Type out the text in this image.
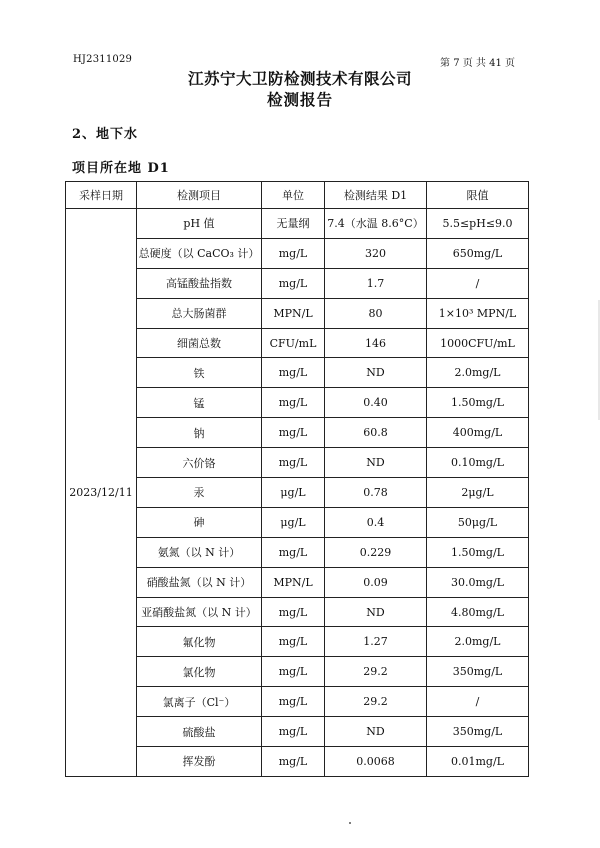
HJ2311029	第 7 页 共 41 页
江苏宁大卫防检测技术有限公司
检测报告
2、地下水
项目所在地 D1
采样日期	检测项目	单位	检测结果 D1	限值
2023/12/11	pH 值	无量纲	7.4（水温 8.6°C）	5.5≤pH≤9.0
	总硬度（以 CaCO₃ 计）	mg/L	320	650mg/L
	高锰酸盐指数	mg/L	1.7	/
	总大肠菌群	MPN/L	80	1×10³ MPN/L
	细菌总数	CFU/mL	146	1000CFU/mL
	铁	mg/L	ND	2.0mg/L
	锰	mg/L	0.40	1.50mg/L
	钠	mg/L	60.8	400mg/L
	六价铬	mg/L	ND	0.10mg/L
	汞	μg/L	0.78	2μg/L
	砷	μg/L	0.4	50μg/L
	氨氮（以 N 计）	mg/L	0.229	1.50mg/L
	硝酸盐氮（以 N 计）	MPN/L	0.09	30.0mg/L
	亚硝酸盐氮（以 N 计）	mg/L	ND	4.80mg/L
	氟化物	mg/L	1.27	2.0mg/L
	氯化物	mg/L	29.2	350mg/L
	氯离子（Cl⁻）	mg/L	29.2	/
	硫酸盐	mg/L	ND	350mg/L
	挥发酚	mg/L	0.0068	0.01mg/L
